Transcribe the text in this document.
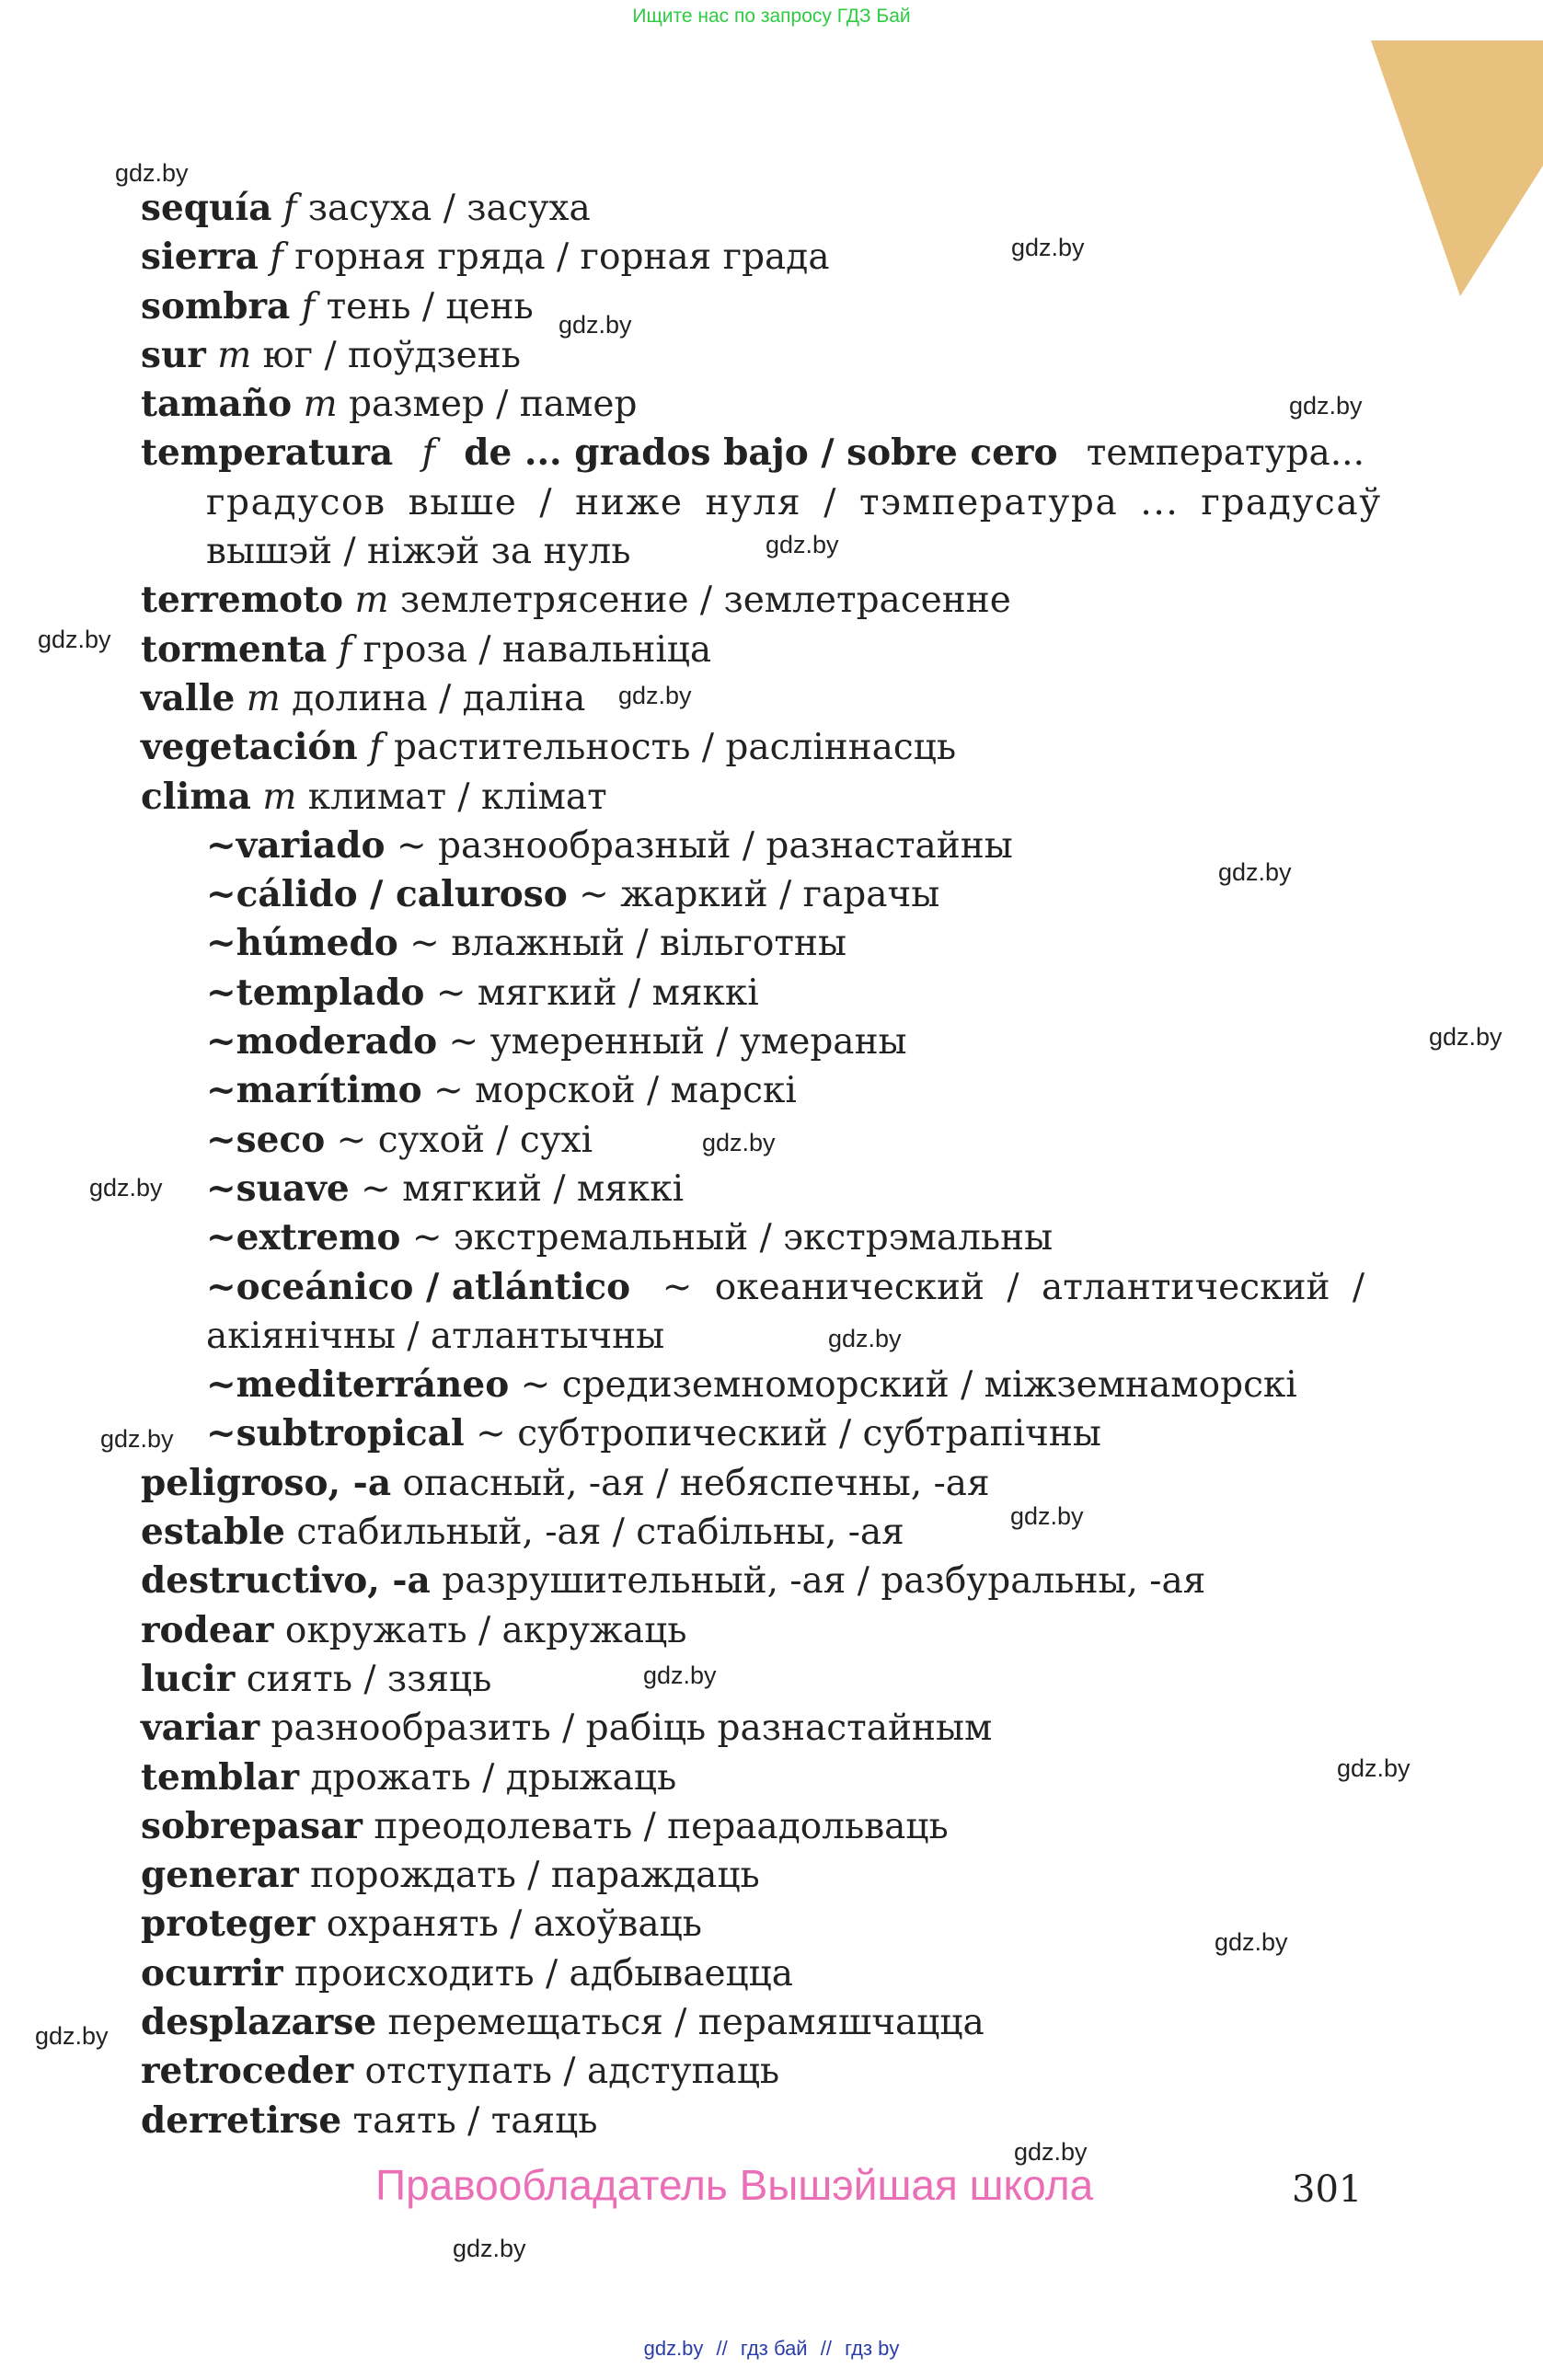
Ищите нас по запросу ГДЗ Бай
sequía f засуха / засуха
sierra f горная гряда / горная града
sombra f тень / цень
sur m юг / поўдзень
tamaño m размер / памер
temperatura f de ... grados bajo / sobre cero температура...
градусов выше / ниже нуля / тэмпература ... градусаў
вышэй / ніжэй за нуль
terremoto m землетрясение / землетрасенне
tormenta f гроза / навальніца
valle m долина / даліна
vegetación f растительность / расліннасць
clima m климат / клімат
~variado ~ разнообразный / разнастайны
~cálido / caluroso ~ жаркий / гарачы
~húmedo ~ влажный / вільготны
~templado ~ мягкий / мяккі
~moderado ~ умеренный / умераны
~marítimo ~ морской / марскі
~seco ~ сухой / сухі
~suave ~ мягкий / мяккі
~extremo ~ экстремальный / экстрэмальны
~oceánico / atlántico ~ океанический / атлантический /
акіянічны / атлантычны
~mediterráneo ~ средиземноморский / міжземнаморскі
~subtropical ~ субтропический / субтрапічны
peligroso, -a опасный, -ая / небяспечны, -ая
estable стабильный, -ая / стабільны, -ая
destructivo, -a разрушительный, -ая / разбуральны, -ая
rodear окружать / акружаць
lucir сиять / ззяць
variar разнообразить / рабіць разнастайным
temblar дрожать / дрыжаць
sobrepasar преодолевать / пераадольваць
generar порождать / параждаць
proteger охранять / ахоўваць
ocurrir происходить / адбываецца
desplazarse перемещаться / перамяшчацца
retroceder отступать / адступаць
derretirse таять / таяць
gdz.by
gdz.by
gdz.by
gdz.by
gdz.by
gdz.by
gdz.by
gdz.by
gdz.by
gdz.by
gdz.by
gdz.by
gdz.by
gdz.by
gdz.by
gdz.by
gdz.by
gdz.by
gdz.by
gdz.by
Правообладатель Вышэйшая школа	301
gdz.by // гдз бай // гдз by
